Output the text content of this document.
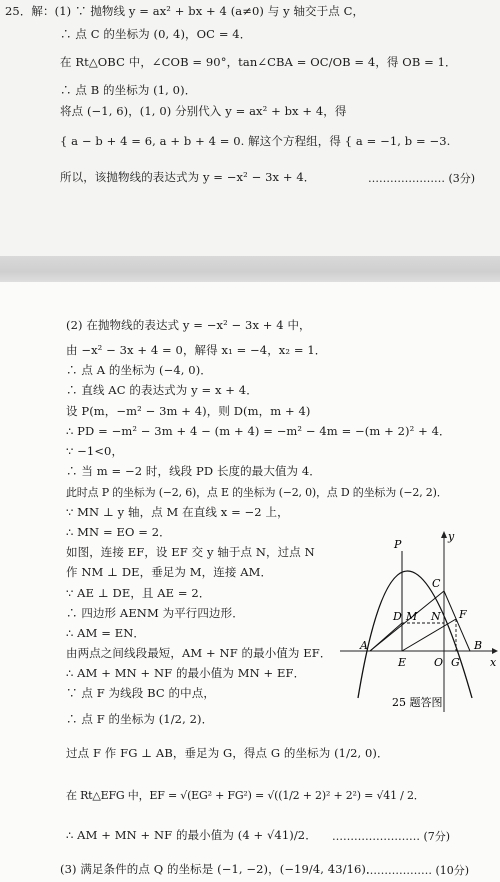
25．解：(1) ∵ 抛物线 y = ax² + bx + 4 (a≠0) 与 y 轴交于点 C，
∴ 点 C 的坐标为 (0, 4)，OC = 4．
在 Rt△OBC 中，∠COB = 90°，tan∠CBA = OC/OB = 4，得 OB = 1．
∴ 点 B 的坐标为 (1, 0)．
将点 (−1, 6)，(1, 0) 分别代入 y = ax² + bx + 4，得
{ a − b + 4 = 6, a + b + 4 = 0. 解这个方程组，得 { a = −1, b = −3.
所以，该抛物线的表达式为 y = −x² − 3x + 4．	………………… (3分)
(2) 在抛物线的表达式 y = −x² − 3x + 4 中，
由 −x² − 3x + 4 = 0，解得 x₁ = −4，x₂ = 1．
∴ 点 A 的坐标为 (−4, 0)．
∴ 直线 AC 的表达式为 y = x + 4．
设 P(m，−m² − 3m + 4)，则 D(m，m + 4)
∴ PD = −m² − 3m + 4 − (m + 4) = −m² − 4m = −(m + 2)² + 4．
∵ −1<0，
∴ 当 m = −2 时，线段 PD 长度的最大值为 4．
此时点 P 的坐标为 (−2, 6)，点 E 的坐标为 (−2, 0)，点 D 的坐标为 (−2, 2)．
∵ MN ⊥ y 轴，点 M 在直线 x = −2 上，
∴ MN = EO = 2．
如图，连接 EF，设 EF 交 y 轴于点 N，过点 N
作 NM ⊥ DE，垂足为 M，连接 AM．
∵ AE ⊥ DE，且 AE = 2．
∴ 四边形 AENM 为平行四边形．
∴ AM = EN．
由两点之间线段最短，AM + NF 的最小值为 EF．
∴ AM + MN + NF 的最小值为 MN + EF．
∵ 点 F 为线段 BC 的中点，
∴ 点 F 的坐标为 (1/2, 2)．
过点 F 作 FG ⊥ AB，垂足为 G，得点 G 的坐标为 (1/2, 0)．
在 Rt△EFG 中，EF = √(EG² + FG²) = √((1/2 + 2)² + 2²) = √41 / 2．
∴ AM + MN + NF 的最小值为 (4 + √41)/2． …………………… (7分)
(3) 满足条件的点 Q 的坐标是 (−1, −2)，(−19/4, 43/16)．
……………… (10分)
y
P
C
D M N F
A
E	O G
B
x
25 题答图
